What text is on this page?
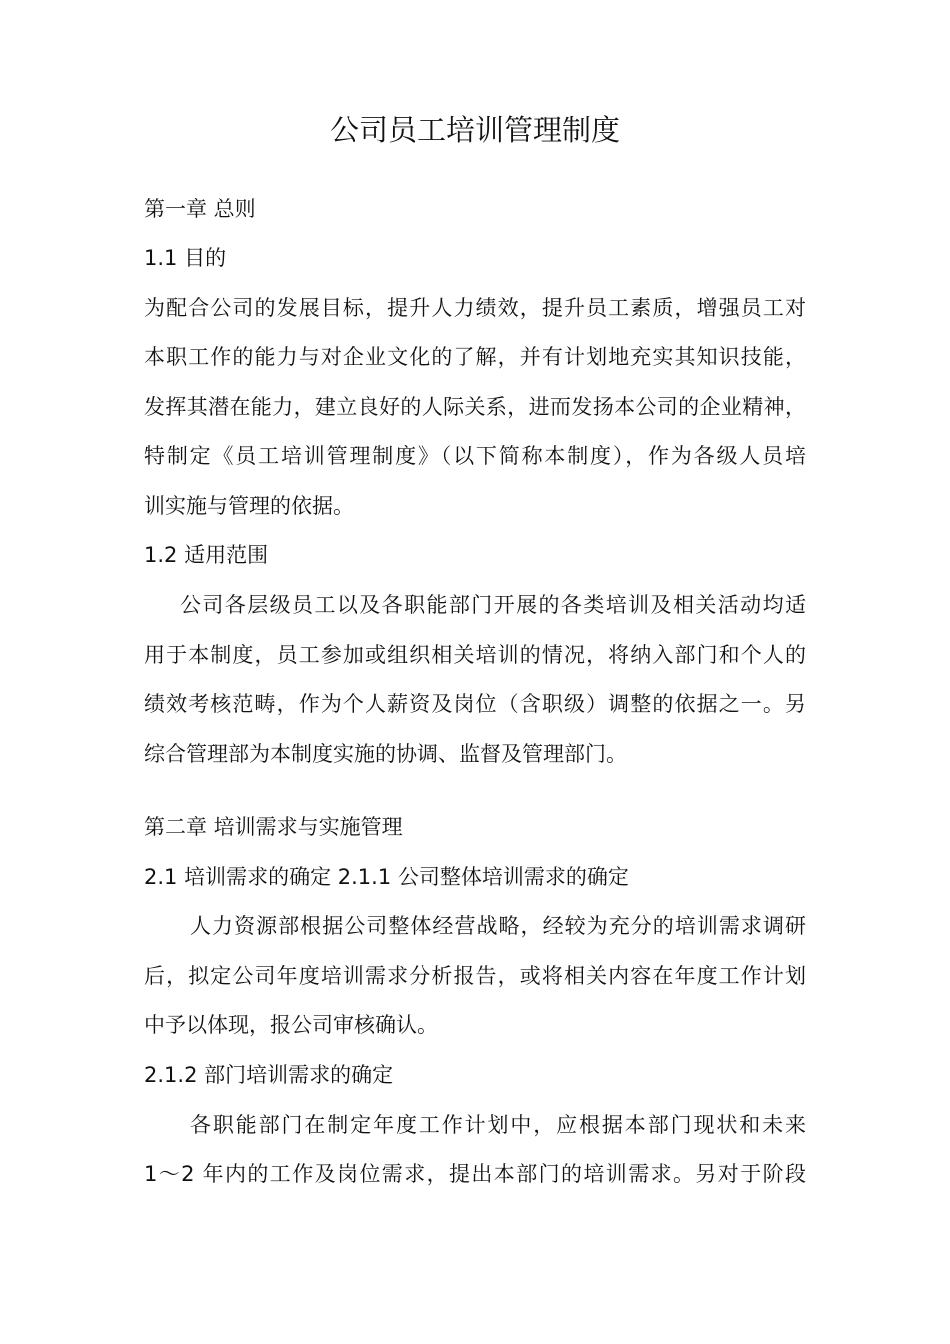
公司员工培训管理制度
第一章 总则
1.1 目的
为配合公司的发展目标，提升人力绩效，提升员工素质，增强员工对
本职工作的能力与对企业文化的了解，并有计划地充实其知识技能，
发挥其潜在能力，建立良好的人际关系，进而发扬本公司的企业精神，
特制定《员工培训管理制度》（以下简称本制度），作为各级人员培
训实施与管理的依据。
1.2 适用范围
公司各层级员工以及各职能部门开展的各类培训及相关活动均适
用于本制度，员工参加或组织相关培训的情况，将纳入部门和个人的
绩效考核范畴，作为个人薪资及岗位（含职级）调整的依据之一。另
综合管理部为本制度实施的协调、监督及管理部门。
第二章 培训需求与实施管理
2.1 培训需求的确定 2.1.1 公司整体培训需求的确定
人力资源部根据公司整体经营战略，经较为充分的培训需求调研
后，拟定公司年度培训需求分析报告，或将相关内容在年度工作计划
中予以体现，报公司审核确认。
2.1.2 部门培训需求的确定
各职能部门在制定年度工作计划中，应根据本部门现状和未来
1～2 年内的工作及岗位需求，提出本部门的培训需求。另对于阶段
